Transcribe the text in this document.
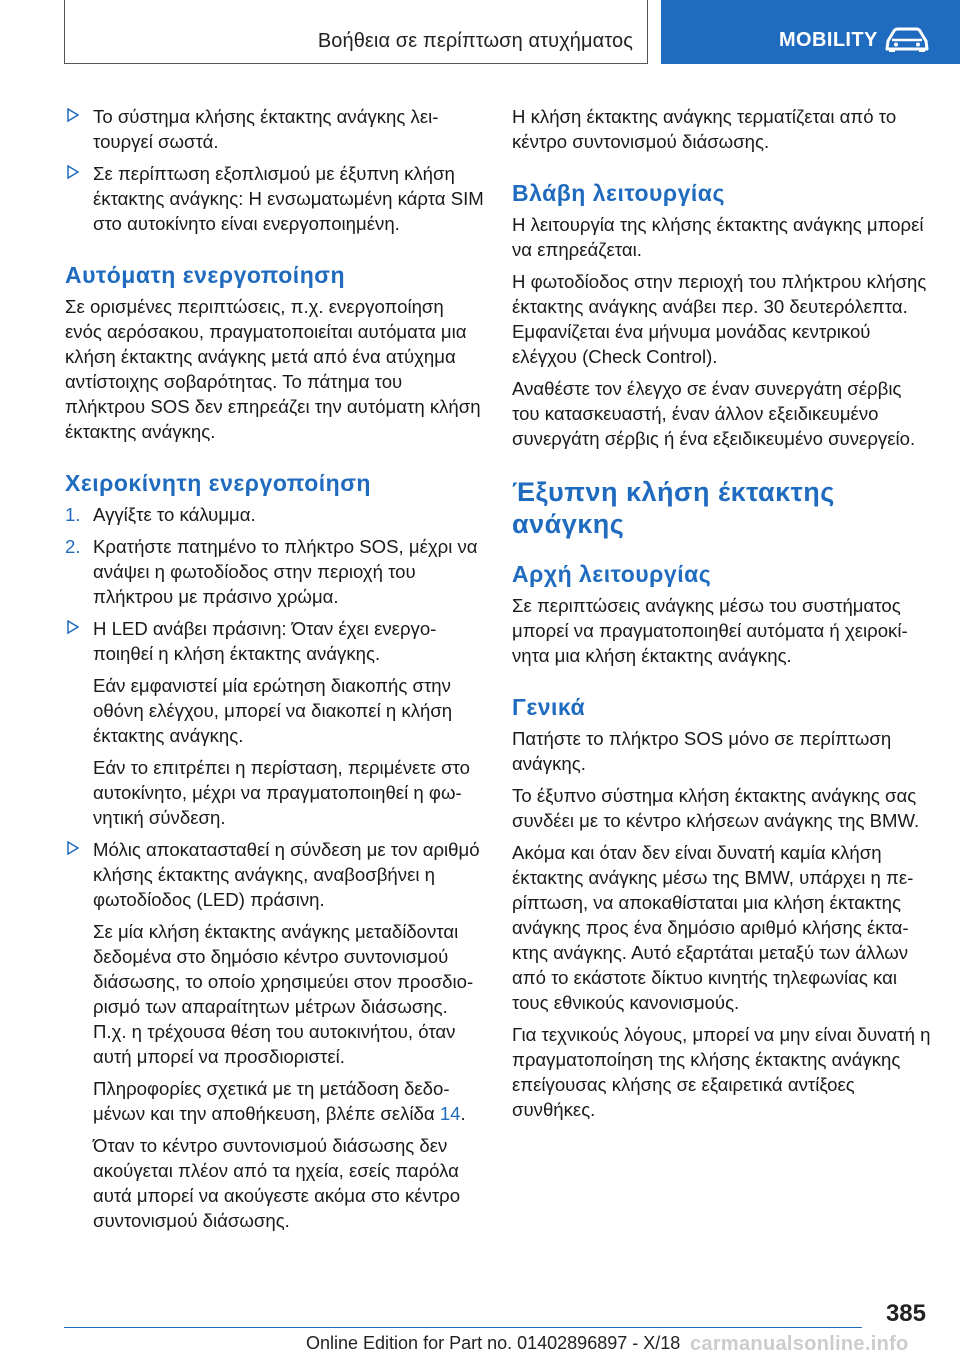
Βοήθεια σε περίπτωση ατυχήματος	MOBILITY
Το σύστημα κλήσης έκτακτης ανάγκης λειτουργεί σωστά.
Σε περίπτωση εξοπλισμού με έξυπνη κλήση έκτακτης ανάγκης: Η ενσωματωμένη κάρτα SIM στο αυτοκίνητο είναι ενεργοποιημένη.
Αυτόματη ενεργοποίηση

Σε ορισμένες περιπτώσεις, π.χ. ενεργοποίηση ενός αερόσακου, πραγματοποιείται αυτόματα μια κλήση έκτακτης ανάγκης μετά από ένα ατύχημα αντίστοιχης σοβαρότητας. Το πάτημα του πλήκτρου SOS δεν επηρεάζει την αυτόματη κλήση έκτακτης ανάγκης.

Χειροκίνητη ενεργοποίηση
1. Αγγίξτε το κάλυμμα.
2. Κρατήστε πατημένο το πλήκτρο SOS, μέχρι να ανάψει η φωτοδίοδος στην περιοχή του πλήκτρου με πράσινο χρώμα.
Η LED ανάβει πράσινη: Όταν έχει ενεργοποιηθεί η κλήση έκτακτης ανάγκης.

Εάν εμφανιστεί μία ερώτηση διακοπής στην οθόνη ελέγχου, μπορεί να διακοπεί η κλήση έκτακτης ανάγκης.

Εάν το επιτρέπει η περίσταση, περιμένετε στο αυτοκίνητο, μέχρι να πραγματοποιηθεί η φωνητική σύνδεση.

Μόλις αποκατασταθεί η σύνδεση με τον αριθμό κλήσης έκτακτης ανάγκης, αναβοσβήνει η φωτοδίοδος (LED) πράσινη.

Σε μία κλήση έκτακτης ανάγκης μεταδίδονται δεδομένα στο δημόσιο κέντρο συντονισμού διάσωσης, το οποίο χρησιμεύει στον προσδιορισμό των απαραίτητων μέτρων διάσωσης. Π.χ. η τρέχουσα θέση του αυτοκινήτου, όταν αυτή μπορεί να προσδιοριστεί.

Πληροφορίες σχετικά με τη μετάδοση δεδομένων και την αποθήκευση, βλέπε σελίδα 14.

Όταν το κέντρο συντονισμού διάσωσης δεν ακούγεται πλέον από τα ηχεία, εσείς παρόλα αυτά μπορεί να ακούγεστε ακόμα στο κέντρο συντονισμού διάσωσης.

Η κλήση έκτακτης ανάγκης τερματίζεται από το κέντρο συντονισμού διάσωσης.

Βλάβη λειτουργίας

Η λειτουργία της κλήσης έκτακτης ανάγκης μπορεί να επηρεάζεται.

Η φωτοδίοδος στην περιοχή του πλήκτρου κλήσης έκτακτης ανάγκης ανάβει περ. 30 δευτερόλεπτα. Εμφανίζεται ένα μήνυμα μονάδας κεντρικού ελέγχου (Check Control).

Αναθέστε τον έλεγχο σε έναν συνεργάτη σέρβις του κατασκευαστή, έναν άλλον εξειδικευμένο συνεργάτη σέρβις ή ένα εξειδικευμένο συνεργείο.

Έξυπνη κλήση έκτακτης ανάγκης
Αρχή λειτουργίας

Σε περιπτώσεις ανάγκης μέσω του συστήματος μπορεί να πραγματοποιηθεί αυτόματα ή χειροκίνητα μια κλήση έκτακτης ανάγκης.

Γενικά

Πατήστε το πλήκτρο SOS μόνο σε περίπτωση ανάγκης.

Το έξυπνο σύστημα κλήση έκτακτης ανάγκης σας συνδέει με το κέντρο κλήσεων ανάγκης της BMW.

Ακόμα και όταν δεν είναι δυνατή καμία κλήση έκτακτης ανάγκης μέσω της BMW, υπάρχει η περίπτωση, να αποκαθίσταται μια κλήση έκτακτης ανάγκης προς ένα δημόσιο αριθμό κλήσης έκτακτης ανάγκης. Αυτό εξαρτάται μεταξύ των άλλων από το εκάστοτε δίκτυο κινητής τηλεφωνίας και τους εθνικούς κανονισμούς.

Για τεχνικούς λόγους, μπορεί να μην είναι δυνατή η πραγματοποίηση της κλήσης έκτακτης ανάγκης επείγουσας κλήσης σε εξαιρετικά αντίξοες συνθήκες.

385
Online Edition for Part no. 01402896897 - X/18 carmanualsonline.info
